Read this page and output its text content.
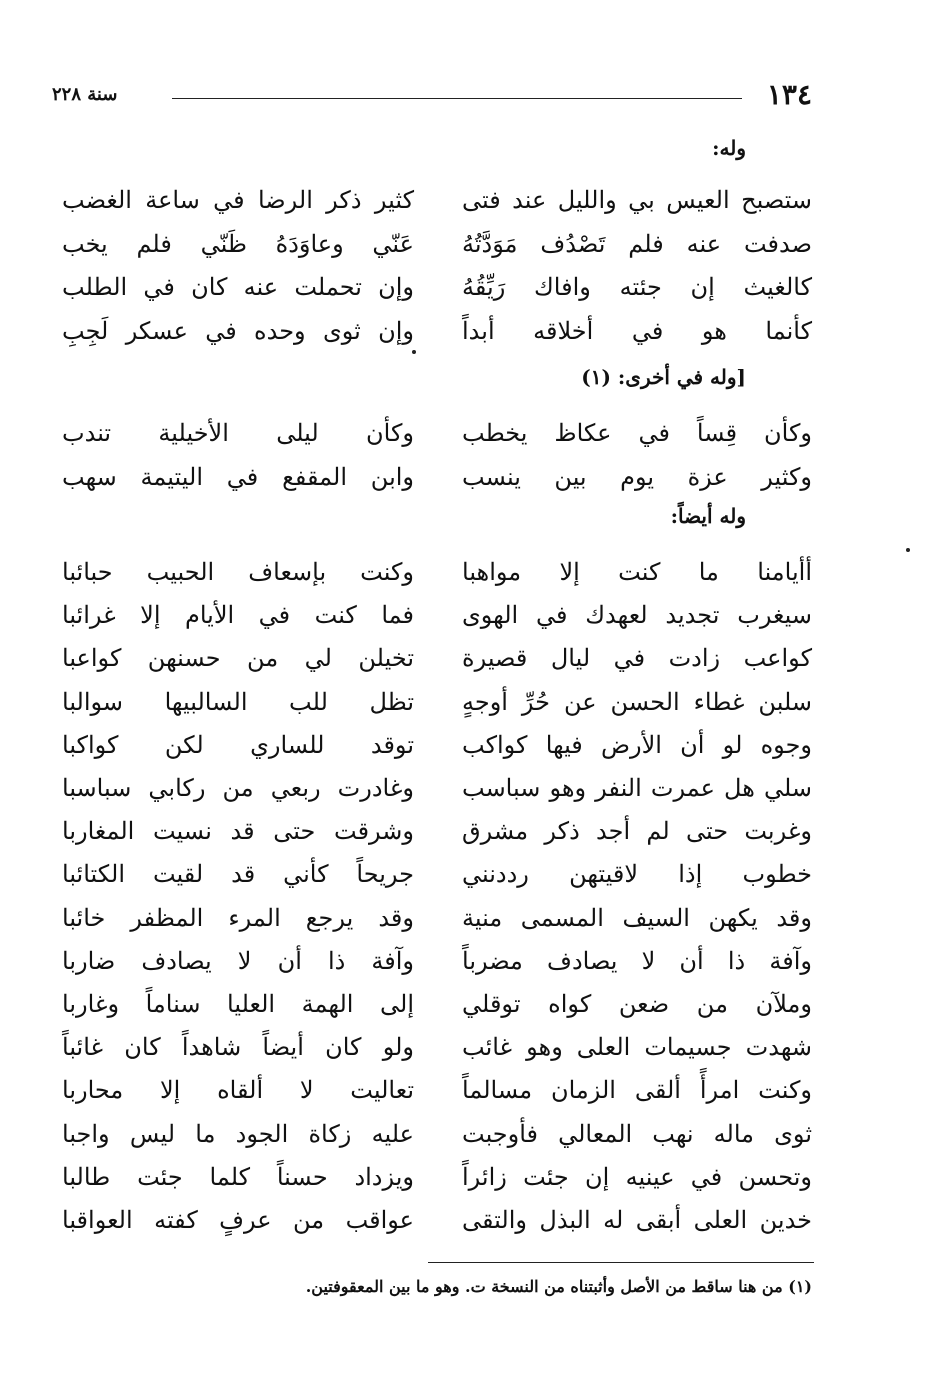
١٣٤
سنة ٢٢٨
وله:
ستصبح العيس بي والليل عند فتى
كثير ذكر الرضا في ساعة الغضب
صدفت عنه فلم تَصْدُف مَوَدَّتُهُ
عَنّي وعاوَدَهُ ظَنّي فلم يخب
كالغيث إن جئته وافاك رَيِّقُهُ
وإن تحملت عنه كان في الطلب
كأنما هو في أخلاقه أبداً
وإن ثوى وحده في عسكر لَجِبِ
[وله في أخرى: (١)
وكأن قِساً في عكاظ يخطب
وكأن ليلى الأخيلية تندب
وكثير عزة يوم بين ينسب
وابن المقفع في اليتيمة سهب
وله أيضاً:
أأيامنا ما كنت إلا مواهبا
وكنت بإسعاف الحبيب حبائبا
سيغرب تجديد لعهدك في الهوى
فما كنت في الأيام إلا غرائبا
كواعب زادت في ليال قصيرة
تخيلن لي من حسنهن كواعبا
سلبن غطاء الحسن عن حُرِّ أوجهٍ
تظل للب السالبيها سوالبا
وجوه لو أن الأرض فيها كواكب
توقد للساري لكن كواكبا
سلي هل عمرت النفر وهو سباسب
وغادرت ربعي من ركابي سباسبا
وغربت حتى لم أجد ذكر مشرق
وشرقت حتى قد نسيت المغاربا
خطوب إذا لاقيتهن رددنني
جريحاً كأني قد لقيت الكتائبا
وقد يكهن السيف المسمى منية
وقد يرجع المرء المظفر خائبا
وآفة ذا أن لا يصادف مضرباً
وآفة ذا أن لا يصادف ضاربا
وملآن من ضعن كواه توقلي
إلى الهمة العليا سناماً وغاربا
شهدت جسيمات العلى وهو غائب
ولو كان أيضاً شاهداً كان غائباً
وكنت امرأً ألقى الزمان مسالماً
تعاليت لا ألقاه إلا محاربا
ثوى ماله نهب المعالي فأوجبت
عليه زكاة الجود ما ليس واجبا
وتحسن في عينيه إن جئت زائراً
ويزداد حسناً كلما جئت طالبا
خدين العلى أبقى له البذل والتقى
عواقب من عرفٍ كفته العواقبا
(١) من هنا ساقط من الأصل وأثبتناه من النسخة ت. وهو ما بين المعقوفتين.
